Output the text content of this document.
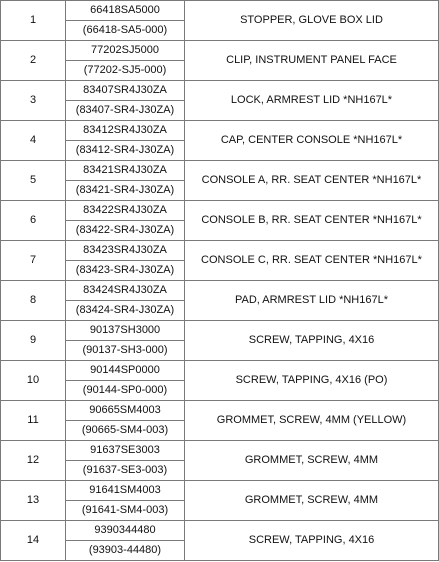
1	66418SA5000	STOPPER, GLOVE BOX LID
	(66418-SA5-000)	
2	77202SJ5000	CLIP, INSTRUMENT PANEL FACE
	(77202-SJ5-000)	
3	83407SR4J30ZA	LOCK, ARMREST LID *NH167L*
	(83407-SR4-J30ZA)	
4	83412SR4J30ZA	CAP, CENTER CONSOLE *NH167L*
	(83412-SR4-J30ZA)	
5	83421SR4J30ZA	CONSOLE A, RR. SEAT CENTER *NH167L*
	(83421-SR4-J30ZA)	
6	83422SR4J30ZA	CONSOLE B, RR. SEAT CENTER *NH167L*
	(83422-SR4-J30ZA)	
7	83423SR4J30ZA	CONSOLE C, RR. SEAT CENTER *NH167L*
	(83423-SR4-J30ZA)	
8	83424SR4J30ZA	PAD, ARMREST LID *NH167L*
	(83424-SR4-J30ZA)	
9	90137SH3000	SCREW, TAPPING, 4X16
	(90137-SH3-000)	
10	90144SP0000	SCREW, TAPPING, 4X16 (PO)
	(90144-SP0-000)	
11	90665SM4003	GROMMET, SCREW, 4MM (YELLOW)
	(90665-SM4-003)	
12	91637SE3003	GROMMET, SCREW, 4MM
	(91637-SE3-003)	
13	91641SM4003	GROMMET, SCREW, 4MM
	(91641-SM4-003)	
14	9390344480	SCREW, TAPPING, 4X16
	(93903-44480)	
